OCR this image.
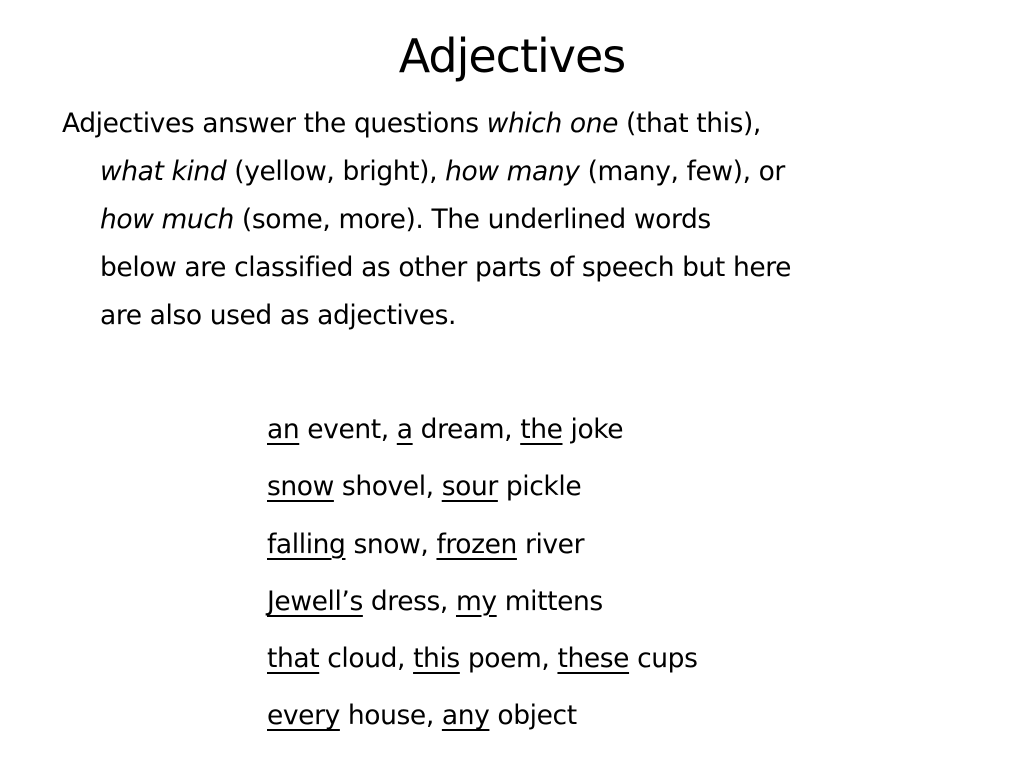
Adjectives
Adjectives answer the questions which one (that this),
what kind (yellow, bright), how many (many, few), or
how much (some, more). The underlined words
below are classified as other parts of speech but here
are also used as adjectives.
an event, a dream, the joke
snow shovel, sour pickle
falling snow, frozen river
Jewell’s dress, my mittens
that cloud, this poem, these cups
every house, any object
